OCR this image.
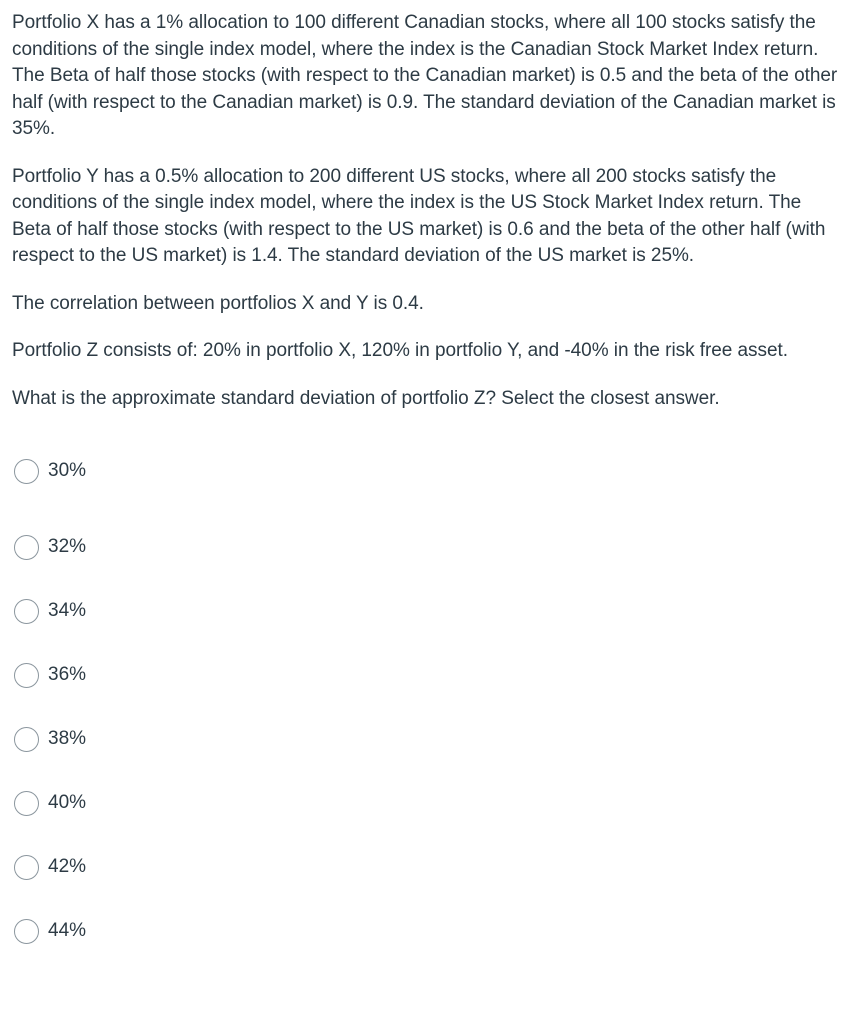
Portfolio X has a 1% allocation to 100 different Canadian stocks, where all 100 stocks satisfy the conditions of the single index model, where the index is the Canadian Stock Market Index return. The Beta of half those stocks (with respect to the Canadian market) is 0.5 and the beta of the other half (with respect to the Canadian market) is 0.9. The standard deviation of the Canadian market is 35%.

Portfolio Y has a 0.5% allocation to 200 different US stocks, where all 200 stocks satisfy the conditions of the single index model, where the index is the US Stock Market Index return. The Beta of half those stocks (with respect to the US market) is 0.6 and the beta of the other half (with respect to the US market) is 1.4. The standard deviation of the US market is 25%.

The correlation between portfolios X and Y is 0.4.

Portfolio Z consists of: 20% in portfolio X, 120% in portfolio Y, and -40% in the risk free asset.

What is the approximate standard deviation of portfolio Z? Select the closest answer.

30%
32%
34%
36%
38%
40%
42%
44%
